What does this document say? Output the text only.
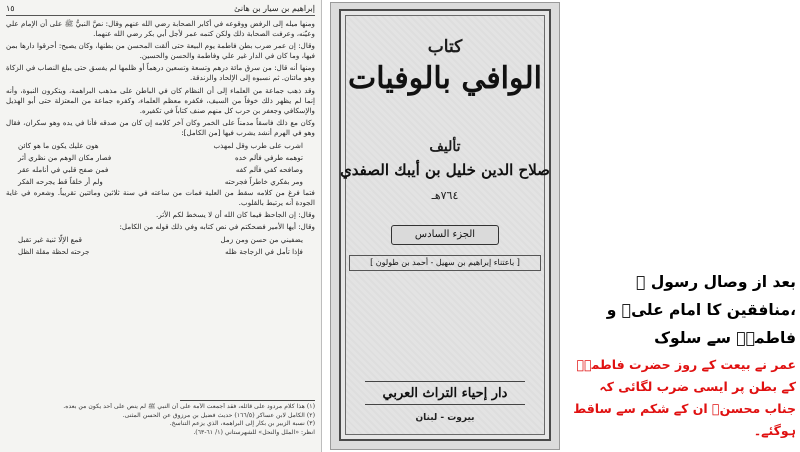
١٥	إبراهيم بن سيار بن هانئ

ومنها ميله إلى الرفض ووقوعه في أكابر الصحابة رضي الله عنهم وقال: نصَّ النبيُّ ﷺ على أن الإمام علي وعيّنه، وعرفت الصحابة ذلك ولكن كتمه عمر لأجل أبي بكر رضي الله عنهما.

وقال: إن عمر ضرب بطن فاطمة يوم البيعة حتى ألقت المحسن من بطنها، وكان يصيح: أحرقوا دارها بمن فيها، وما كان في الدار غير علي وفاطمة والحسن والحسين.

ومنها أنه قال: من سرق مائة درهم وتسعة وتسعين درهماً أو ظلمها لم يفسق حتى يبلغ النصاب في الزكاة وهو مائتان. ثم نسبوه إلى الإلحاد والزندقة.

وقد ذهب جماعة من العلماء إلى أن النظام كان في الباطن على مذهب البراهمة، ويتكرون النبوة، وأنه إنما لم يظهر ذلك خوفاً من السيف، فكفره معظم العلماء، وكفره جماعة من المعتزلة حتى أبو الهذيل والإسكافي وجعفر بن حرب كل منهم صنف كتاباً في تكفيره.

وكان مع ذلك فاسقاً مدمناً على الخمر وكان آخر كلامه إن كان من صدقه فأنا في يده وهو سكران، فقال وهو في الهرم أنشد يشرب فيها [من الكامل]:

اشرب على طرب وقل لمهذب
هون عليك يكون ما هو كائن
توهمه طرفي فألم خده
فصار مكان الوهم من نظري أثر
وصافحه كفي فآلم كفه
فمن صفح قلبي في أنامله عقر
ومر بفكري خاطراً فجرحته
ولم أر خلقاً قط يجرحه الفكر

فتما فرغ من كلامه سقط من العلية فمات من ساعته في سنة ثلاثين ومائتين تقريباً. وشعره في غاية الجودة أنه يرتبط بالقلوب.

وقال: إن الجاحظ فيما كان الله أن لا يسخط لكم الأثر.

وقال: أيها الأمير فضحكتم في نص كتابه وفي ذلك قوله من الكامل:

يضفيني من حسن ومن زمل
قمع الإلّا ثنية غير تقبل
فإذا تأمل في الزجاجة ظله
جرحته لحظة مقلة الظل

(١) هذا كلام مردود على قائله، فقد أجمعت الأمة على أن النبي ﷺ لم ينص على أحد يكون من بعده.

(٢) الكامل لابن عساكر (١٦٦/٥) حديث فضيل بن مرزوق عن الحسن المثنى.

(٣) نسبة الزبير بن بكار إلى البراهمة، الذي يزعم التناسخ.

انظر: «الملل والنحل» للشهرستاني (١/ ٦١-٦٣).

كتاب
الوافي بالوفيات
تأليف
صلاح الدين خليل بن أيبك الصفدي
٧٦٤هـ
الجزء السادس
[ باعتناء إبراهيم بن سهيل - أحمد بن طولون ]
دار إحياء التراث العربي
بيروت - لبنان

بعد از وصال رسول ﷺ ،منافقین کا امام علیؑ و فاطمہؑ سے سلوک

عمر نے بیعت کے روز حضرت فاطمہؑ کے بطن پر ایسی ضرب لگائی کہ جناب محسنؑ ان کے شکم سے ساقط ہوگئے۔
